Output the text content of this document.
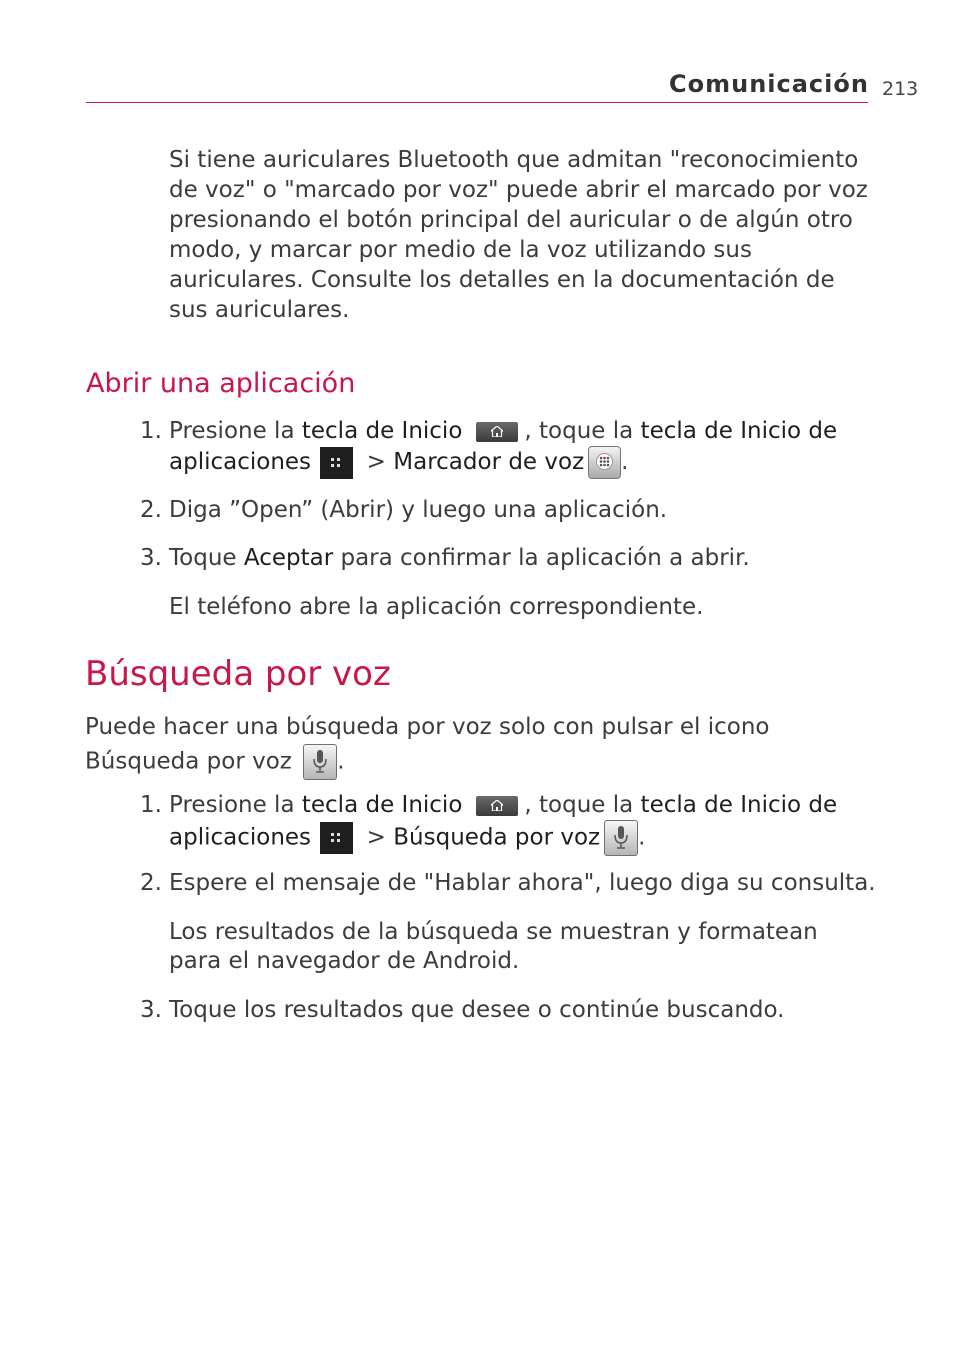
Comunicación 213
Si tiene auriculares Bluetooth que admitan "reconocimiento
de voz" o "marcado por voz" puede abrir el marcado por voz
presionando el botón principal del auricular o de algún otro
modo, y marcar por medio de la voz utilizando sus
auriculares. Consulte los detalles en la documentación de
sus auriculares.
Abrir una aplicación
1. Presione la tecla de Inicio	, toque la tecla de Inicio de
aplicaciones
> Marcador de voz .
2. Diga ”Open” (Abrir) y luego una aplicación.
3. Toque Aceptar para confirmar la aplicación a abrir.
El teléfono abre la aplicación correspondiente.
Búsqueda por voz
Puede hacer una búsqueda por voz solo con pulsar el icono
Búsqueda por voz
.
1. Presione la tecla de Inicio	, toque la tecla de Inicio de
aplicaciones
> Búsqueda por voz .
2. Espere el mensaje de "Hablar ahora", luego diga su consulta.
Los resultados de la búsqueda se muestran y formatean
para el navegador de Android.
3. Toque los resultados que desee o continúe buscando.
